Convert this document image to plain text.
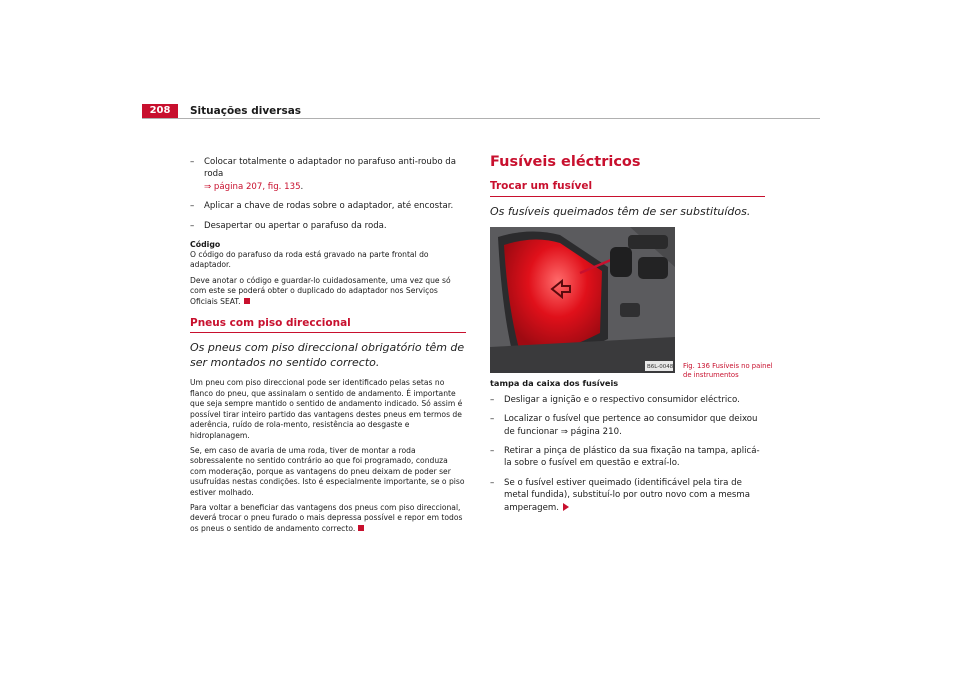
208	Situações diversas
– Colocar totalmente o adaptador no parafuso anti-roubo da roda
⇒ página 207, fig. 135.
– Aplicar a chave de rodas sobre o adaptador, até encostar.
– Desapertar ou apertar o parafuso da roda.
Código

O código do parafuso da roda está gravado na parte frontal do adaptador.

Deve anotar o código e guardar-lo cuidadosamente, uma vez que só com este se poderá obter o duplicado do adaptador nos Serviços Oficiais SEAT.

Pneus com piso direccional
Os pneus com piso direccional obrigatório têm de ser montados no sentido correcto.

Um pneu com piso direccional pode ser identificado pelas setas no flanco do pneu, que assinalam o sentido de andamento. É importante que seja sempre mantido o sentido de andamento indicado. Só assim é possível tirar inteiro partido das vantagens destes pneus em termos de aderência, ruído de rola-mento, resistência ao desgaste e hidroplanagem.

Se, em caso de avaria de uma roda, tiver de montar a roda sobressalente no sentido contrário ao que foi programado, conduza com moderação, porque as vantagens do pneu deixam de poder ser usufruídas nestas condições. Isto é especialmente importante, se o piso estiver molhado.

Para voltar a beneficiar das vantagens dos pneus com piso direccional, deverá trocar o pneu furado o mais depressa possível e repor em todos os pneus o sentido de andamento correcto.

Fusíveis eléctricos
Trocar um fusível
Os fusíveis queimados têm de ser substituídos.
B6L-0048
tampa da caixa dos fusíveis
– Desligar a ignição e o respectivo consumidor eléctrico.
– Localizar o fusível que pertence ao consumidor que deixou de funcionar ⇒ página 210.
– Retirar a pinça de plástico da sua fixação na tampa, aplicá-la sobre o fusível em questão e extraí-lo.
– Se o fusível estiver queimado (identificável pela tira de metal fundida), substituí-lo por outro novo com a mesma amperagem.
Fig. 136 Fusíveis no painel de instrumentos
